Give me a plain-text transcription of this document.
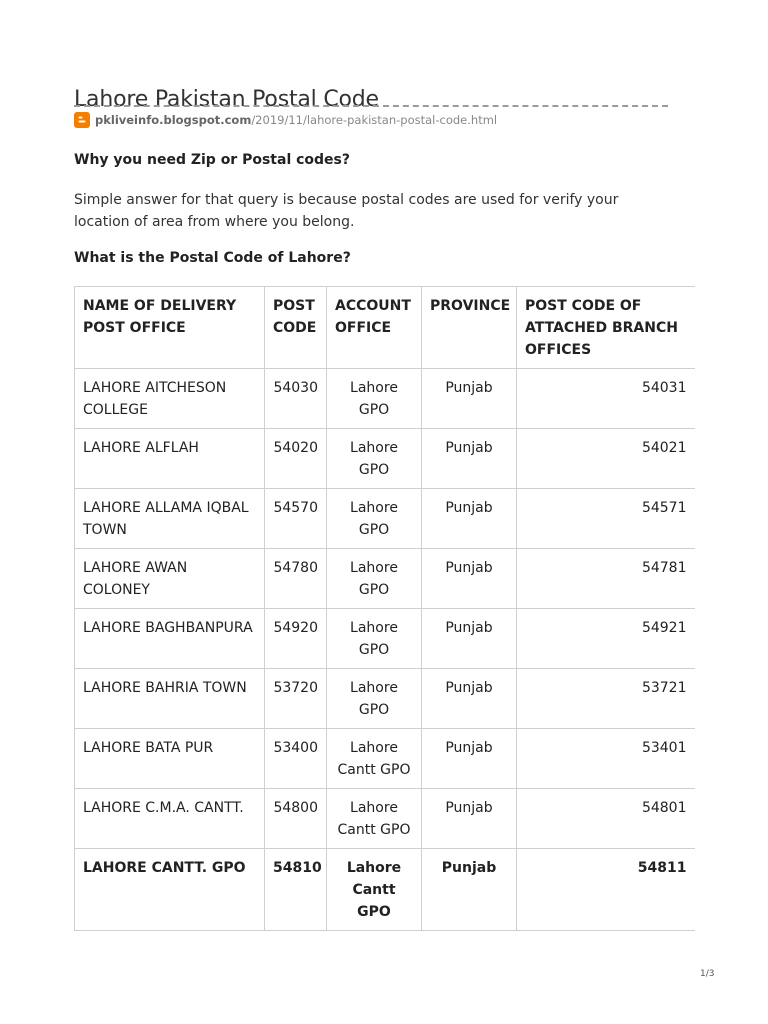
Lahore Pakistan Postal Code
pkliveinfo.blogspot.com /2019/11/lahore-pakistan-postal-code.html
Why you need Zip or Postal codes?
Simple answer for that query is because postal codes are used for verify your location of area from where you belong.
What is the Postal Code of Lahore?
NAME OF DELIVERY POST OFFICE	POST CODE	ACCOUNT OFFICE	PROVINCE	POST CODE OF ATTACHED BRANCH OFFICES
LAHORE AITCHESON COLLEGE	54030	Lahore GPO	Punjab	54031
LAHORE ALFLAH	54020	Lahore GPO	Punjab	54021
LAHORE ALLAMA IQBAL TOWN	54570	Lahore GPO	Punjab	54571
LAHORE AWAN COLONEY	54780	Lahore GPO	Punjab	54781
LAHORE BAGHBANPURA	54920	Lahore GPO	Punjab	54921
LAHORE BAHRIA TOWN	53720	Lahore GPO	Punjab	53721
LAHORE BATA PUR	53400	Lahore Cantt GPO	Punjab	53401
LAHORE C.M.A. CANTT.	54800	Lahore Cantt GPO	Punjab	54801
LAHORE CANTT. GPO	54810	Lahore Cantt GPO	Punjab	54811
1/3
